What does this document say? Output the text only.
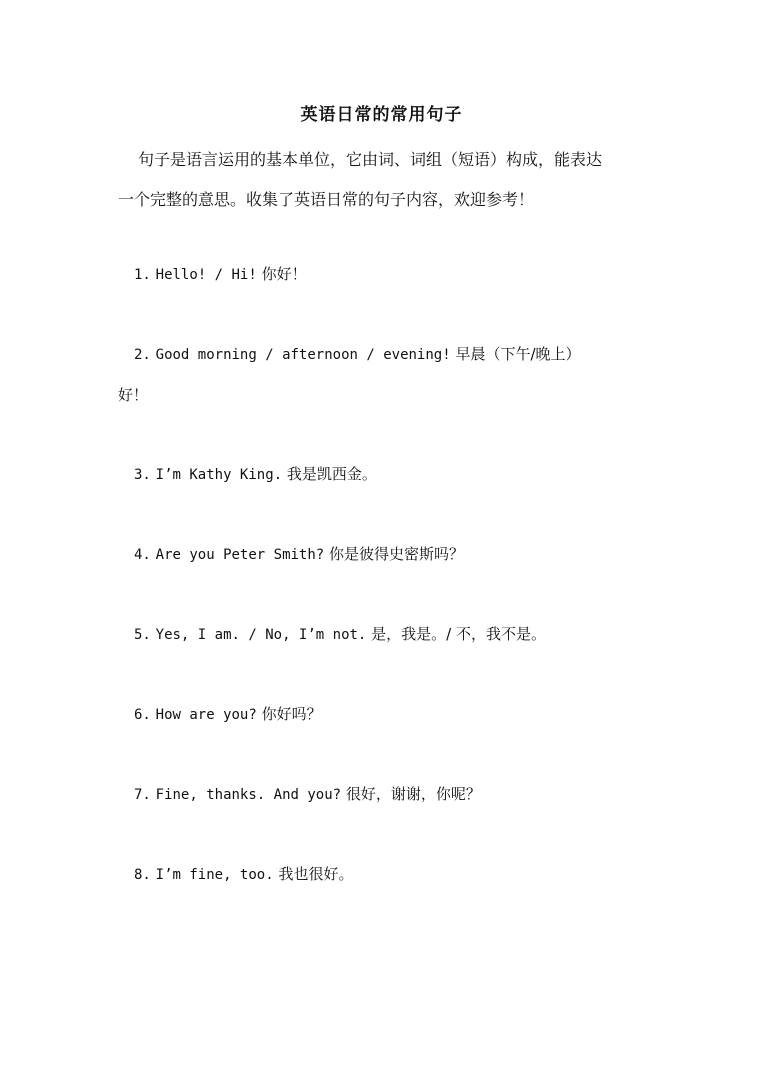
英语日常的常用句子
句子是语言运用的基本单位，它由词、词组（短语）构成，能表达
一个完整的意思。收集了英语日常的句子内容，欢迎参考！
1. Hello! / Hi! 你好！
2. Good morning / afternoon / evening! 早晨（下午/晚上）
好！
3. I’m Kathy King. 我是凯西金。
4. Are you Peter Smith? 你是彼得史密斯吗？
5. Yes, I am. / No, I’m not. 是，我是。/ 不，我不是。
6. How are you? 你好吗？
7. Fine, thanks. And you? 很好，谢谢，你呢？
8. I’m fine, too. 我也很好。
